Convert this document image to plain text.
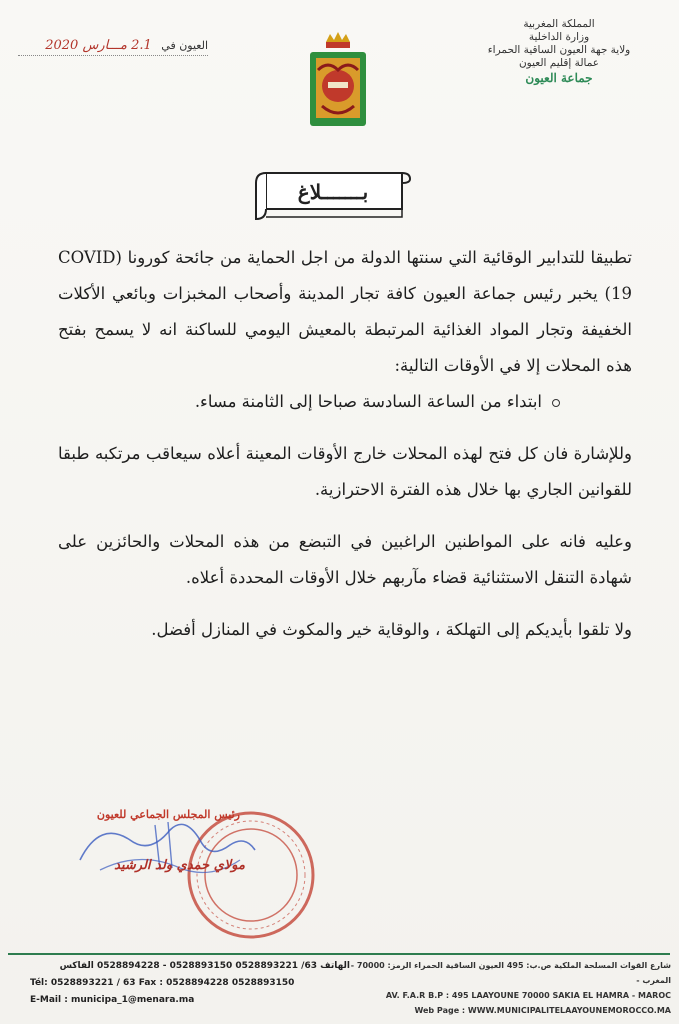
المملكة المغربية
وزارة الداخلية
ولاية جهة العيون الساقية الحمراء
عمالة إقليم العيون
جماعة العيون
العيون في 2.1 مـــارس 2020
بـــــــلاغ

تطبيقا للتدابير الوقائية التي سنتها الدولة من اجل الحماية من جائحة كورونا (COVID 19) يخبر رئيس جماعة العيون كافة تجار المدينة وأصحاب المخبزات وبائعي الأكلات الخفيفة وتجار المواد الغذائية المرتبطة بالمعيش اليومي للساكنة انه لا يسمح بفتح هذه المحلات إلا في الأوقات التالية:

ابتداء من الساعة السادسة صباحا إلى الثامنة مساء.

وللإشارة فان كل فتح لهذه المحلات خارج الأوقات المعينة أعلاه سيعاقب مرتكبه طبقا للقوانين الجاري بها خلال هذه الفترة الاحترازية.

وعليه فانه على المواطنين الراغبين في التبضع من هذه المحلات والحائزين على شهادة التنقل الاستثنائية قضاء مآربهم خلال الأوقات المحددة أعلاه.

ولا تلقوا بأيديكم إلى التهلكة ، والوقاية خير والمكوث في المنازل أفضل.

رئيس المجلس الجماعي للعيون
مولاي حمدي ولد الرشيد
شارع القوات المسلحة الملكية ص.ب: 495 العيون الساقية الحمراء الرمز: 70000 - المغرب -
AV. F.A.R B.P : 495 LAAYOUNE 70000 SAKIA EL HAMRA - MAROC
Web Page : WWW.MUNICIPALITELAAYOUNEMOROCCO.MA
الهاتف 63/ 0528893221 0528893150 - 0528894228 الفاكس
Tél: 0528893221 / 63 Fax : 0528894228 0528893150
E-Mail : municipa_1@menara.ma
